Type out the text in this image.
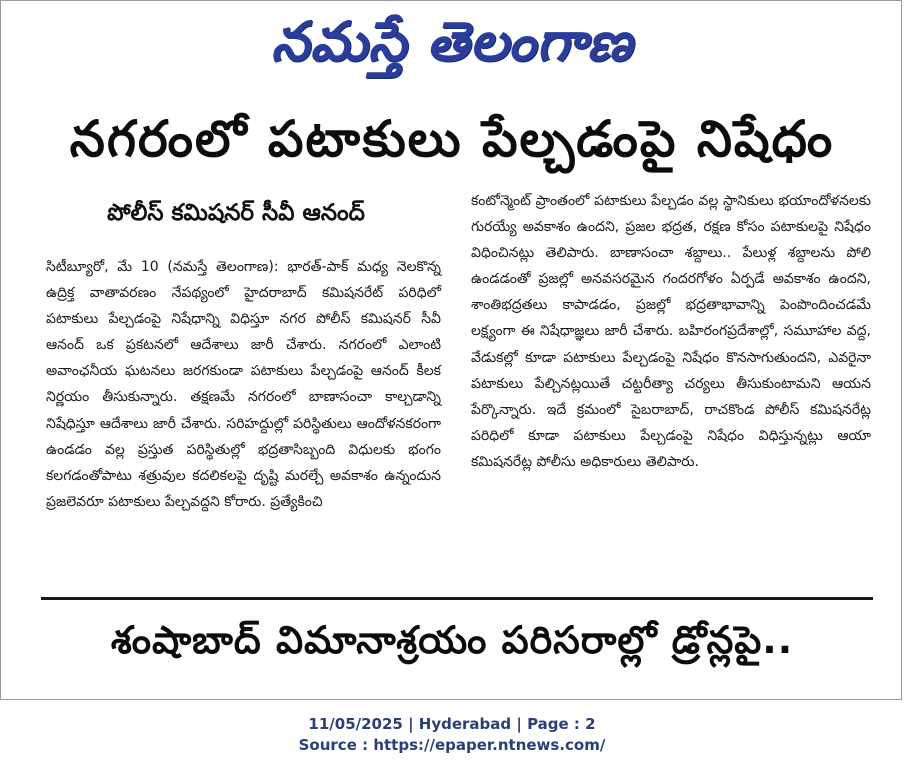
నమస్తే తెలంగాణ
నగరంలో పటాకులు పేల్చడంపై నిషేధం
పోలీస్ కమిషనర్ సీవీ ఆనంద్

సిటీబ్యూరో, మే 10 (నమస్తే తెలంగాణ): భారత్-పాక్ మధ్య నెలకొన్న ఉద్రిక్త వాతావరణం నేపథ్యంలో హైదరాబాద్ కమిషనరేట్ పరిధిలో పటాకులు పేల్చడంపై నిషేధాన్ని విధిస్తూ నగర పోలీస్ కమిషనర్ సీవీ ఆనంద్ ఒక ప్రకటనలో ఆదేశాలు జారీ చేశారు. నగరంలో ఎలాంటి అవాంఛనీయ ఘటనలు జరగకుండా పటాకులు పేల్చడంపై ఆనంద్ కీలక నిర్ణయం తీసుకున్నారు. తక్షణమే నగరంలో బాణాసంచా కాల్చడాన్ని నిషేధిస్తూ ఆదేశాలు జారీ చేశారు. సరిహద్దుల్లో పరిస్థితులు ఆందోళనకరంగా ఉండడం వల్ల ప్రస్తుత పరిస్థితుల్లో భద్రతాసిబ్బంది విధులకు భంగం కలగడంతోపాటు శత్రువుల కదలికలపై దృష్టి మరల్చే అవకాశం ఉన్నందున ప్రజలెవరూ పటాకులు పేల్చవద్దని కోరారు. ప్రత్యేకించి

కంటోన్మెంట్ ప్రాంతంలో పటాకులు పేల్చడం వల్ల స్థానికులు భయాందోళనలకు గురయ్యే అవకాశం ఉందని, ప్రజల భద్రత, రక్షణ కోసం పటాకులపై నిషేధం విధించినట్లు తెలిపారు. బాణాసంచా శబ్దాలు.. పేలుళ్ల శబ్దాలను పోలి ఉండడంతో ప్రజల్లో అనవసరమైన గందరగోళం ఏర్పడే అవకాశం ఉందని, శాంతిభద్రతలు కాపాడడం, ప్రజల్లో భద్రతాభావాన్ని పెంపొందించడమే లక్ష్యంగా ఈ నిషేధాజ్ఞలు జారీ చేశారు. బహిరంగప్రదేశాల్లో, సమూహాల వద్ద, వేడుకల్లో కూడా పటాకులు పేల్చడంపై నిషేధం కొనసాగుతుందని, ఎవరైనా పటాకులు పేల్చినట్లయితే చట్టరీత్యా చర్యలు తీసుకుంటామని ఆయన పేర్కొన్నారు. ఇదే క్రమంలో సైబరాబాద్, రాచకొండ పోలీస్ కమిషనరేట్ల పరిధిలో కూడా పటాకులు పేల్చడంపై నిషేధం విధిస్తున్నట్లు ఆయా కమిషనరేట్ల పోలీసు అధికారులు తెలిపారు.

శంషాబాద్ విమానాశ్రయం పరిసరాల్లో డ్రోన్లపై..
11/05/2025 | Hyderabad | Page : 2
Source : https://epaper.ntnews.com/
